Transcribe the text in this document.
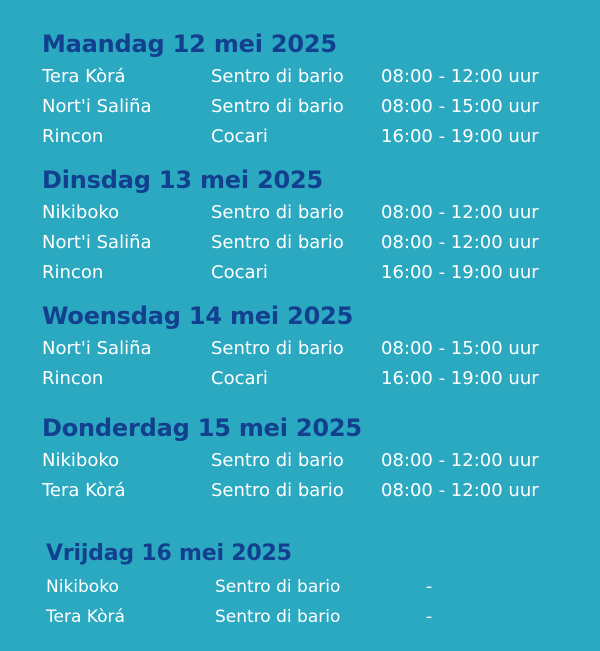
Maandag 12 mei 2025
Tera Kòrá	Sentro di bario 08:00 - 12:00 uur
Nort'i Saliña	Sentro di bario 08:00 - 15:00 uur
Rincon	Cocari	16:00 - 19:00 uur
Dinsdag 13 mei 2025
Nikiboko	Sentro di bario 08:00 - 12:00 uur
Nort'i Saliña	Sentro di bario 08:00 - 12:00 uur
Rincon	Cocari	16:00 - 19:00 uur
Woensdag 14 mei 2025
Nort'i Saliña	Sentro di bario 08:00 - 15:00 uur
Rincon	Cocari	16:00 - 19:00 uur
Donderdag 15 mei 2025
Nikiboko	Sentro di bario 08:00 - 12:00 uur
Tera Kòrá	Sentro di bario 08:00 - 12:00 uur
Vrijdag 16 mei 2025
Nikiboko	Sentro di bario	-
Tera Kòrá	Sentro di bario	-
